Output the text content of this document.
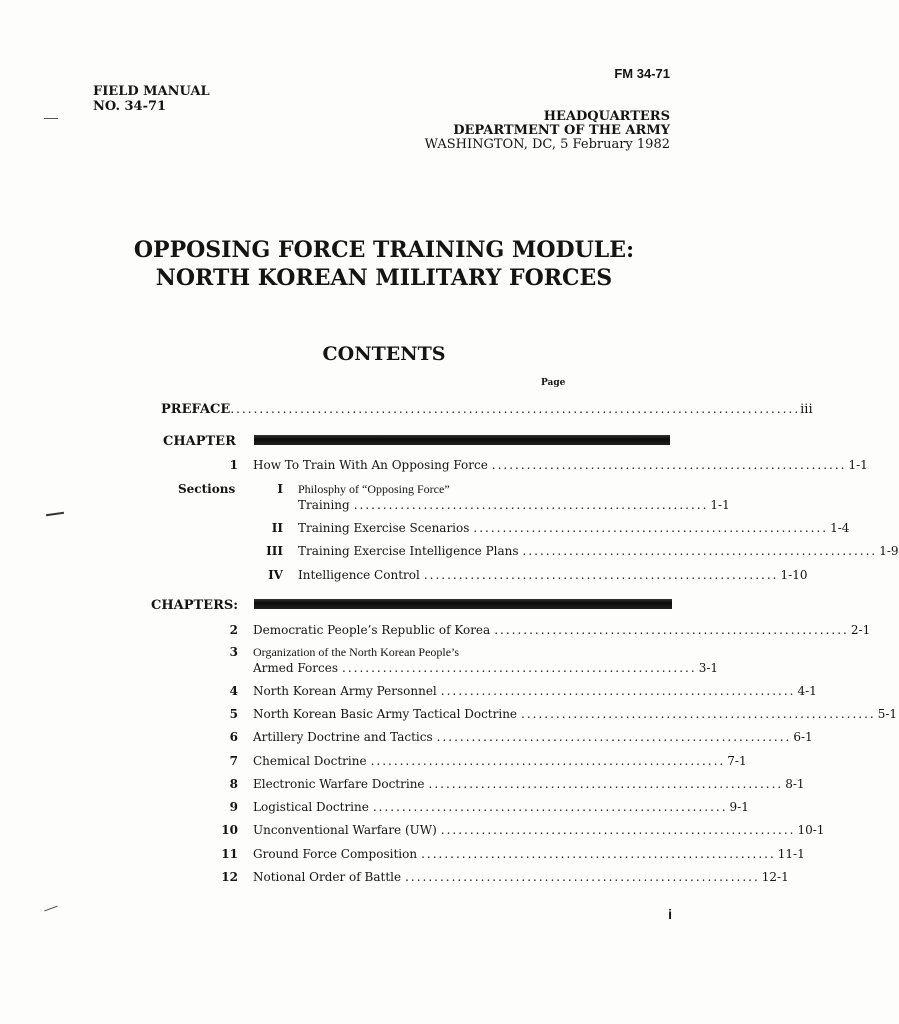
FM 34-71
FIELD MANUAL
NO. 34-71
HEADQUARTERS
DEPARTMENT OF THE ARMY
WASHINGTON, DC, 5 February 1982
OPPOSING FORCE TRAINING MODULE:
NORTH KOREAN MILITARY FORCES
CONTENTS
Page
PREFACE .................................................................................................. iii
CHAPTER
1 How To Train With An Opposing Force ............................................................. 1-1
Sections	I Philosphy of “Opposing Force”
Training ............................................................. 1-1
II Training Exercise Scenarios ............................................................. 1-4
III Training Exercise Intelligence Plans ............................................................. 1-9
IV Intelligence Control ............................................................. 1-10
CHAPTERS:
2 Democratic People’s Republic of Korea ............................................................. 2-1
3 Organization of the North Korean People’s
Armed Forces ............................................................. 3-1
4 North Korean Army Personnel ............................................................. 4-1
5 North Korean Basic Army Tactical Doctrine ............................................................. 5-1
6 Artillery Doctrine and Tactics ............................................................. 6-1
7 Chemical Doctrine ............................................................. 7-1
8 Electronic Warfare Doctrine ............................................................. 8-1
9 Logistical Doctrine ............................................................. 9-1
10 Unconventional Warfare (UW) ............................................................. 10-1
11 Ground Force Composition ............................................................. 11-1
12 Notional Order of Battle ............................................................. 12-1
i
